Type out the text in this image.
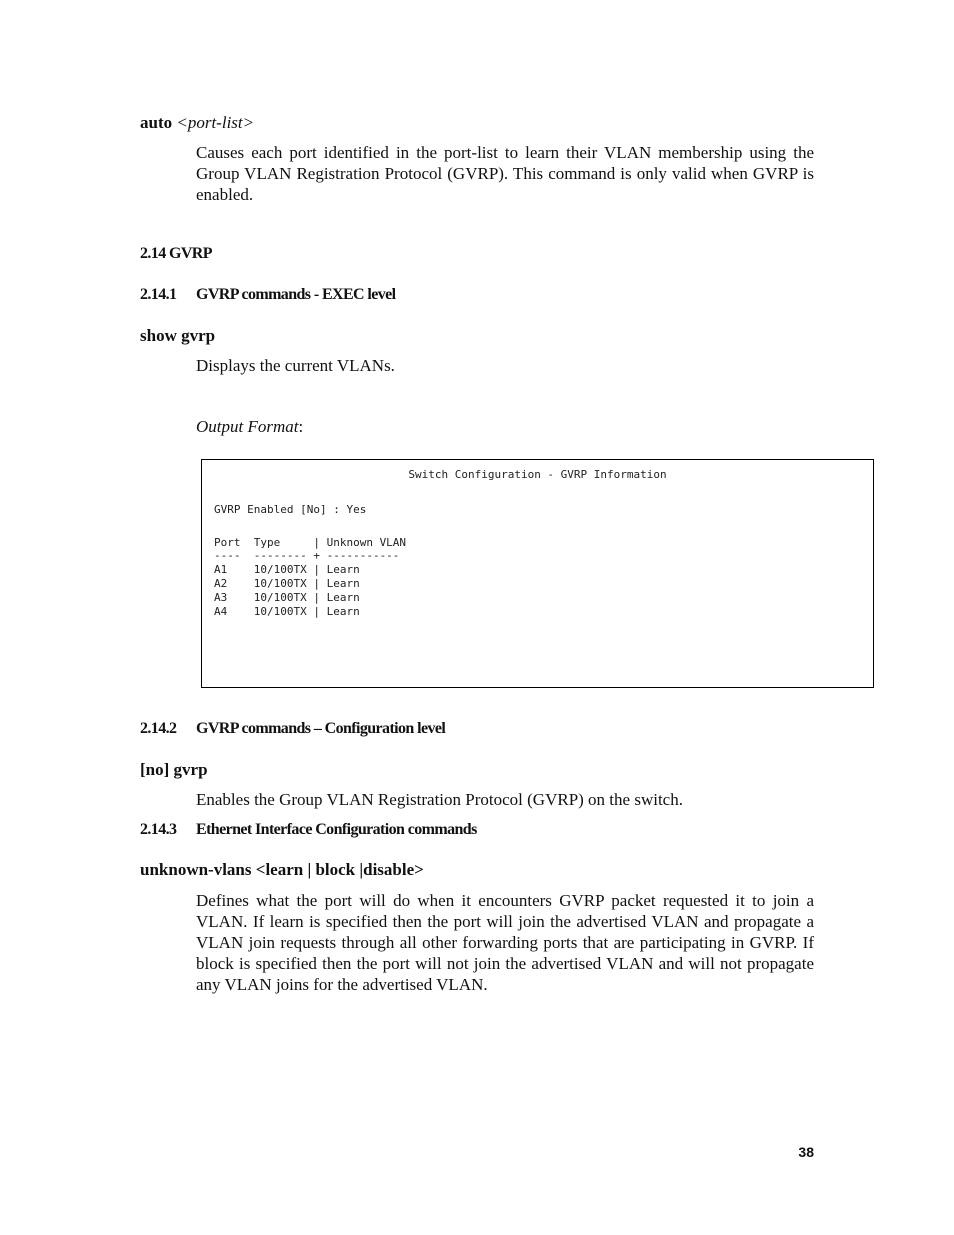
auto <port-list>
Causes each port identified in the port-list to learn their VLAN membership using the Group VLAN Registration Protocol (GVRP). This command is only valid when GVRP is enabled.
2.14 GVRP
2.14.1 GVRP commands - EXEC level
show gvrp
Displays the current VLANs.
Output Format:
Switch Configuration - GVRP Information
GVRP Enabled [No] : Yes
Port  Type     | Unknown VLAN
----  -------- + -----------
A1    10/100TX | Learn
A2    10/100TX | Learn
A3    10/100TX | Learn
A4    10/100TX | Learn
2.14.2 GVRP commands – Configuration level
[no] gvrp
Enables the Group VLAN Registration Protocol (GVRP) on the switch.
2.14.3 Ethernet Interface Configuration commands
unknown-vlans <learn | block |disable>
Defines what the port will do when it encounters GVRP packet requested it to join a VLAN. If learn is specified then the port will join the advertised VLAN and propagate a VLAN join requests through all other forwarding ports that are participating in GVRP. If block is specified then the port will not join the advertised VLAN and will not propagate any VLAN joins for the advertised VLAN.
38
